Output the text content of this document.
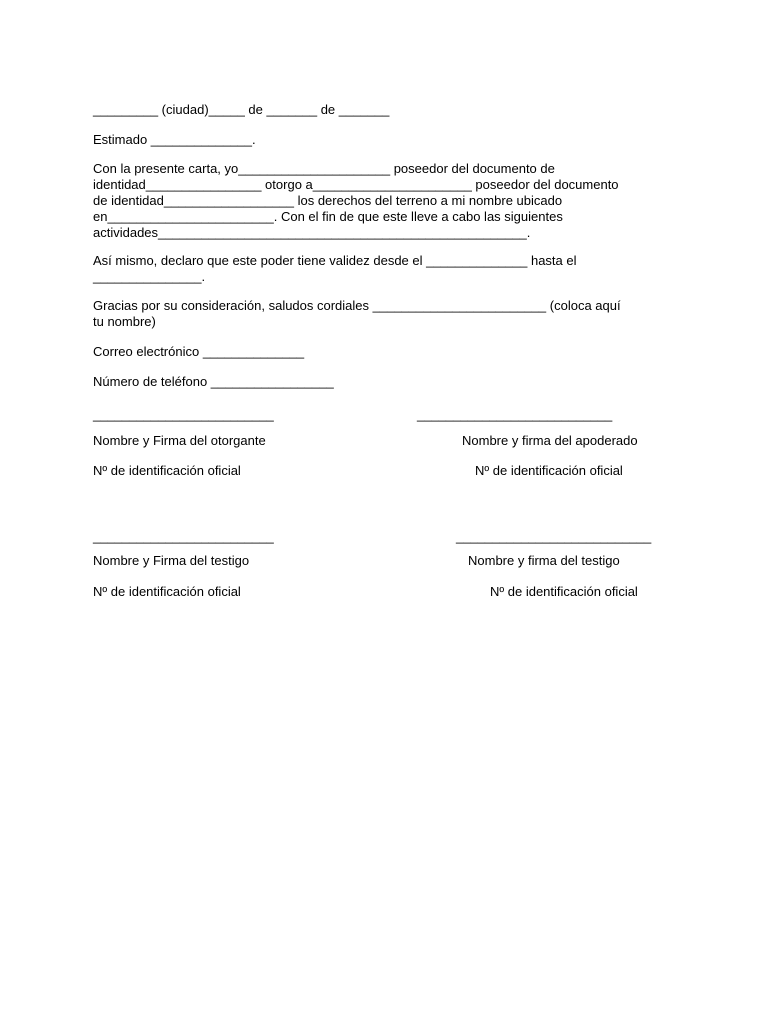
_________ (ciudad)_____ de _______ de _______
Estimado ______________.
Con la presente carta, yo_____________________ poseedor del documento de
identidad________________ otorgo a______________________ poseedor del documento
de identidad__________________ los derechos del terreno a mi nombre ubicado
en_______________________. Con el fin de que este lleve a cabo las siguientes
actividades___________________________________________________.
Así mismo, declaro que este poder tiene validez desde el ______________ hasta el
_______________.
Gracias por su consideración, saludos cordiales ________________________ (coloca aquí
tu nombre)
Correo electrónico ______________
Número de teléfono _________________
_________________________	___________________________
Nombre y Firma del otorgante	Nombre y firma del apoderado
Nº de identificación oficial	Nº de identificación oficial
_________________________	___________________________
Nombre y Firma del testigo	Nombre y firma del testigo
Nº de identificación oficial	Nº de identificación oficial
